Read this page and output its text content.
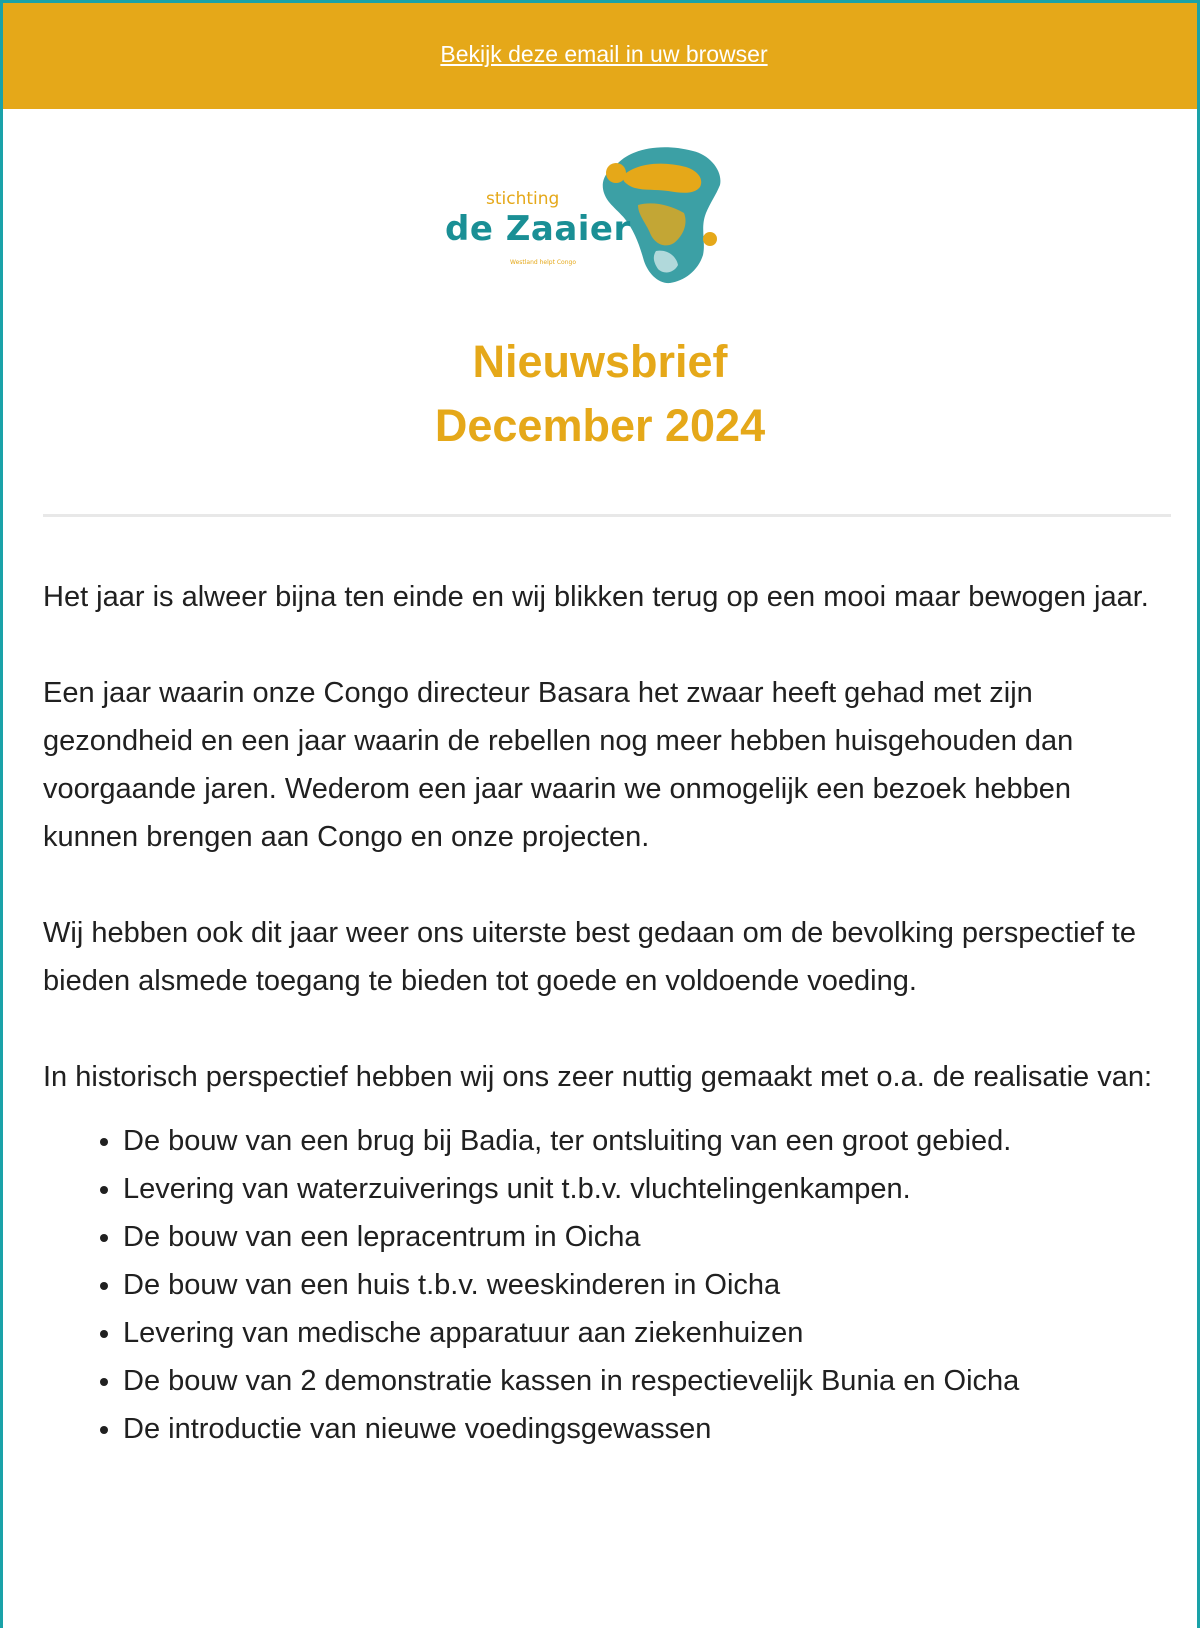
Bekijk deze email in uw browser
stichting
de Zaaier
Westland helpt Congo
Nieuwsbrief
December 2024

Het jaar is alweer bijna ten einde en wij blikken terug op een mooi maar bewogen jaar.

Een jaar waarin onze Congo directeur Basara het zwaar heeft gehad met zijn gezondheid en een jaar waarin de rebellen nog meer hebben huisgehouden dan voorgaande jaren. Wederom een jaar waarin we onmogelijk een bezoek hebben kunnen brengen aan Congo en onze projecten.

Wij hebben ook dit jaar weer ons uiterste best gedaan om de bevolking perspectief te bieden alsmede toegang te bieden tot goede en voldoende voeding.

In historisch perspectief hebben wij ons zeer nuttig gemaakt met o.a. de realisatie van:

• De bouw van een brug bij Badia, ter ontsluiting van een groot gebied.
• Levering van waterzuiverings unit t.b.v. vluchtelingenkampen.
• De bouw van een lepracentrum in Oicha
• De bouw van een huis t.b.v. weeskinderen in Oicha
• Levering van medische apparatuur aan ziekenhuizen
• De bouw van 2 demonstratie kassen in respectievelijk Bunia en Oicha
• De introductie van nieuwe voedingsgewassen
